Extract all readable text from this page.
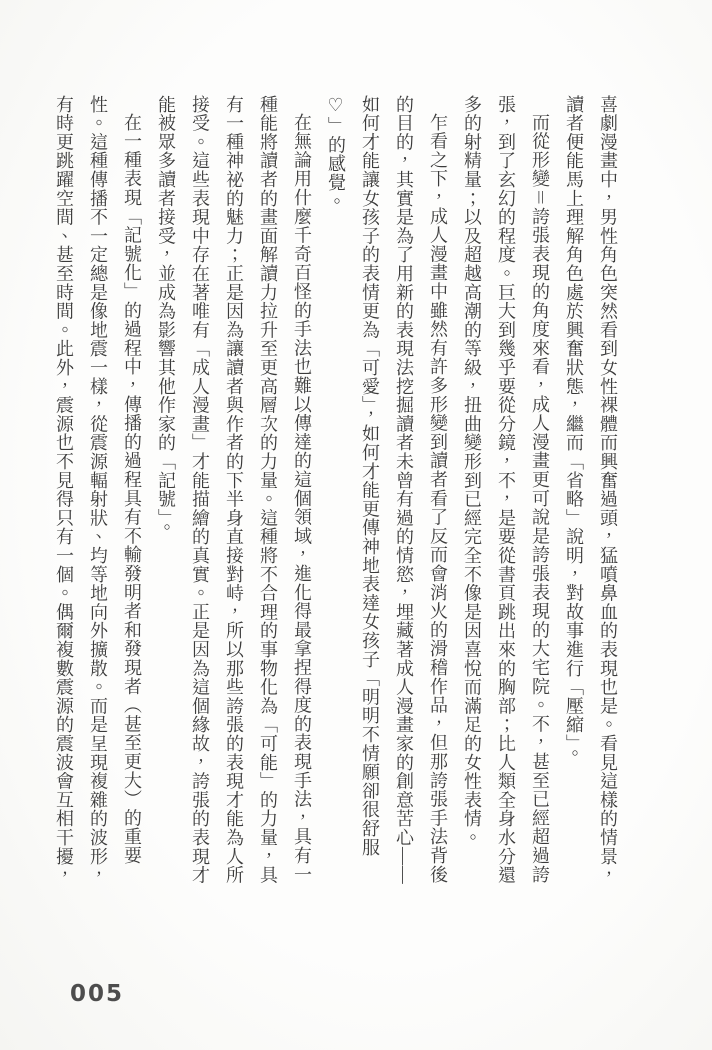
喜劇漫畫中，男性角色突然看到女性裸體而興奮過頭，猛噴鼻血的表現也是。看見這樣的情景，讀者便能馬上理解角色處於興奮狀態，繼而「省略」說明，對故事進行「壓縮」。

而從形變＝誇張表現的角度來看，成人漫畫更可說是誇張表現的大宅院。不，甚至已經超過誇張，到了玄幻的程度。巨大到幾乎要從分鏡，不，是要從書頁跳出來的胸部；比人類全身水分還多的射精量；以及超越高潮的等級，扭曲變形到已經完全不像是因喜悅而滿足的女性表情。

乍看之下，成人漫畫中雖然有許多形變到讀者看了反而會消火的滑稽作品，但那誇張手法背後的目的，其實是為了用新的表現法挖掘讀者未曾有過的情慾，埋藏著成人漫畫家的創意苦心——如何才能讓女孩子的表情更為「可愛」，如何才能更傳神地表達女孩子「明明不情願卻很舒服♡」的感覺。

在無論用什麼千奇百怪的手法也難以傳達的這個領域，進化得最拿捏得度的表現手法，具有一種能將讀者的畫面解讀力拉升至更高層次的力量。這種將不合理的事物化為「可能」的力量，具有一種神祕的魅力；正是因為讓讀者與作者的下半身直接對峙，所以那些誇張的表現才能為人所接受。這些表現中存在著唯有「成人漫畫」才能描繪的真實。正是因為這個緣故，誇張的表現才能被眾多讀者接受，並成為影響其他作家的「記號」。

在一種表現「記號化」的過程中，傳播的過程具有不輸發明者和發現者（甚至更大）的重要性。這種傳播不一定總是像地震一樣，從震源輻射狀、均等地向外擴散。而是呈現複雜的波形，有時更跳躍空間、甚至時間。此外，震源也不見得只有一個。偶爾複數震源的震波會互相干擾，

005
